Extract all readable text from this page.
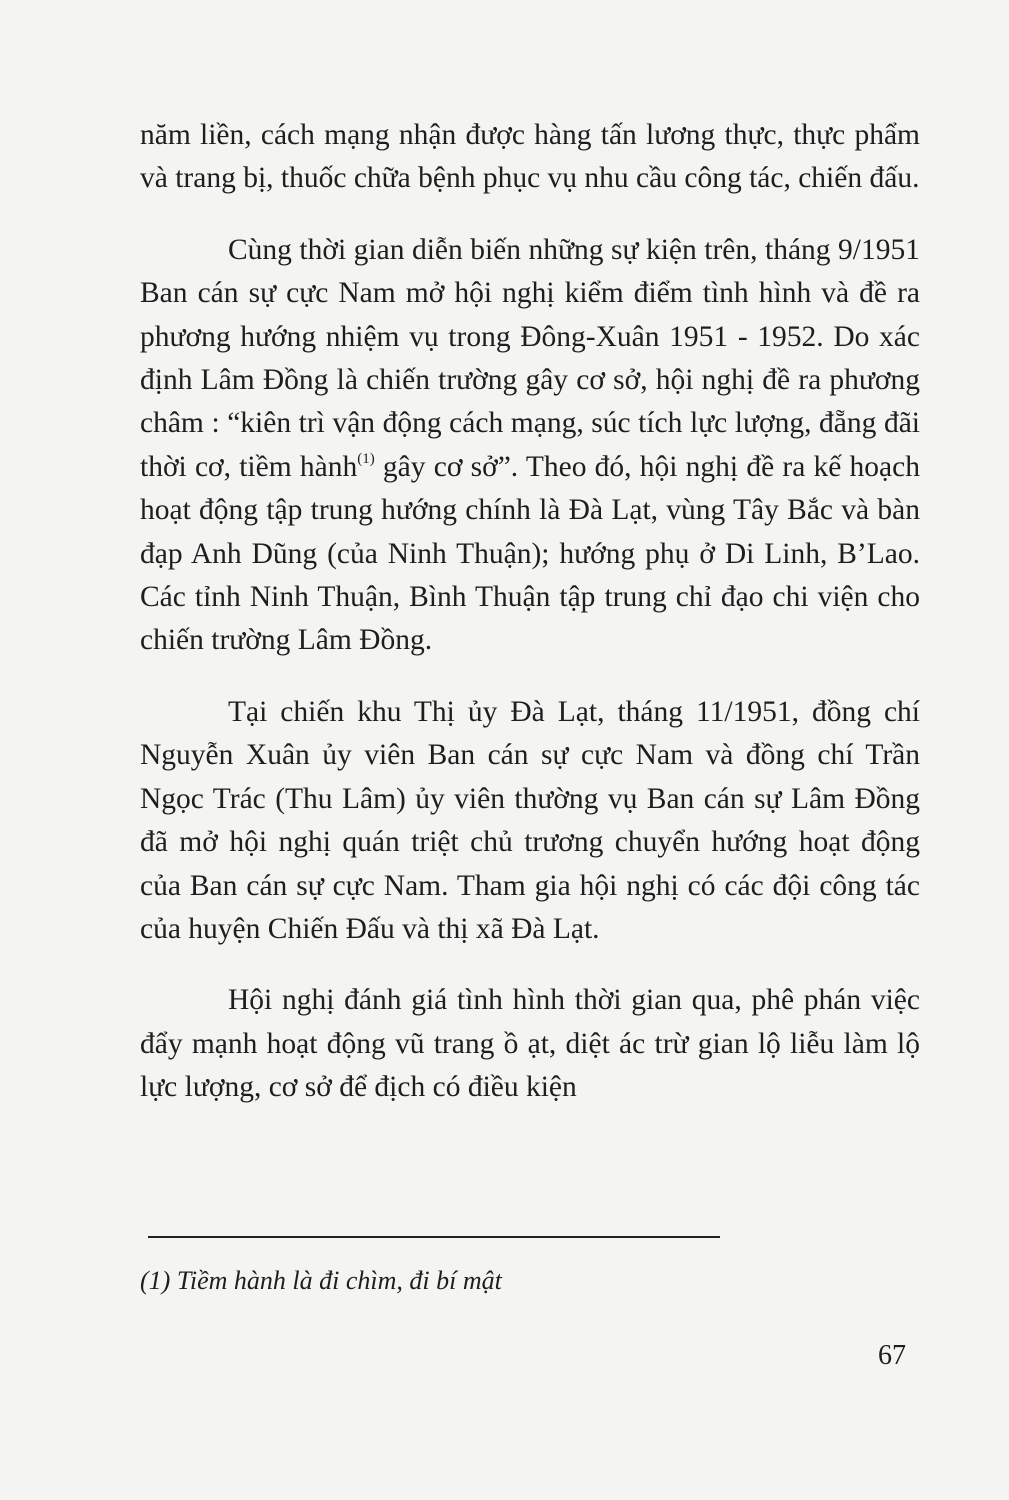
năm liền, cách mạng nhận được hàng tấn lương thực, thực phẩm và trang bị, thuốc chữa bệnh phục vụ nhu cầu công tác, chiến đấu.

Cùng thời gian diễn biến những sự kiện trên, tháng 9/1951 Ban cán sự cực Nam mở hội nghị kiểm điểm tình hình và đề ra phương hướng nhiệm vụ trong Đông-Xuân 1951 - 1952. Do xác định Lâm Đồng là chiến trường gây cơ sở, hội nghị đề ra phương châm : “kiên trì vận động cách mạng, súc tích lực lượng, đẵng đãi thời cơ, tiềm hành$^{(1)}$ gây cơ sở”. Theo đó, hội nghị đề ra kế hoạch hoạt động tập trung hướng chính là Đà Lạt, vùng Tây Bắc và bàn đạp Anh Dũng (của Ninh Thuận); hướng phụ ở Di Linh, B’Lao. Các tỉnh Ninh Thuận, Bình Thuận tập trung chỉ đạo chi viện cho chiến trường Lâm Đồng.

Tại chiến khu Thị ủy Đà Lạt, tháng 11/1951, đồng chí Nguyễn Xuân ủy viên Ban cán sự cực Nam và đồng chí Trần Ngọc Trác (Thu Lâm) ủy viên thường vụ Ban cán sự Lâm Đồng đã mở hội nghị quán triệt chủ trương chuyển hướng hoạt động của Ban cán sự cực Nam. Tham gia hội nghị có các đội công tác của huyện Chiến Đấu và thị xã Đà Lạt.

Hội nghị đánh giá tình hình thời gian qua, phê phán việc đẩy mạnh hoạt động vũ trang ồ ạt, diệt ác trừ gian lộ liễu làm lộ lực lượng, cơ sở để địch có điều kiện

(1) Tiềm hành là đi chìm, đi bí mật
67
